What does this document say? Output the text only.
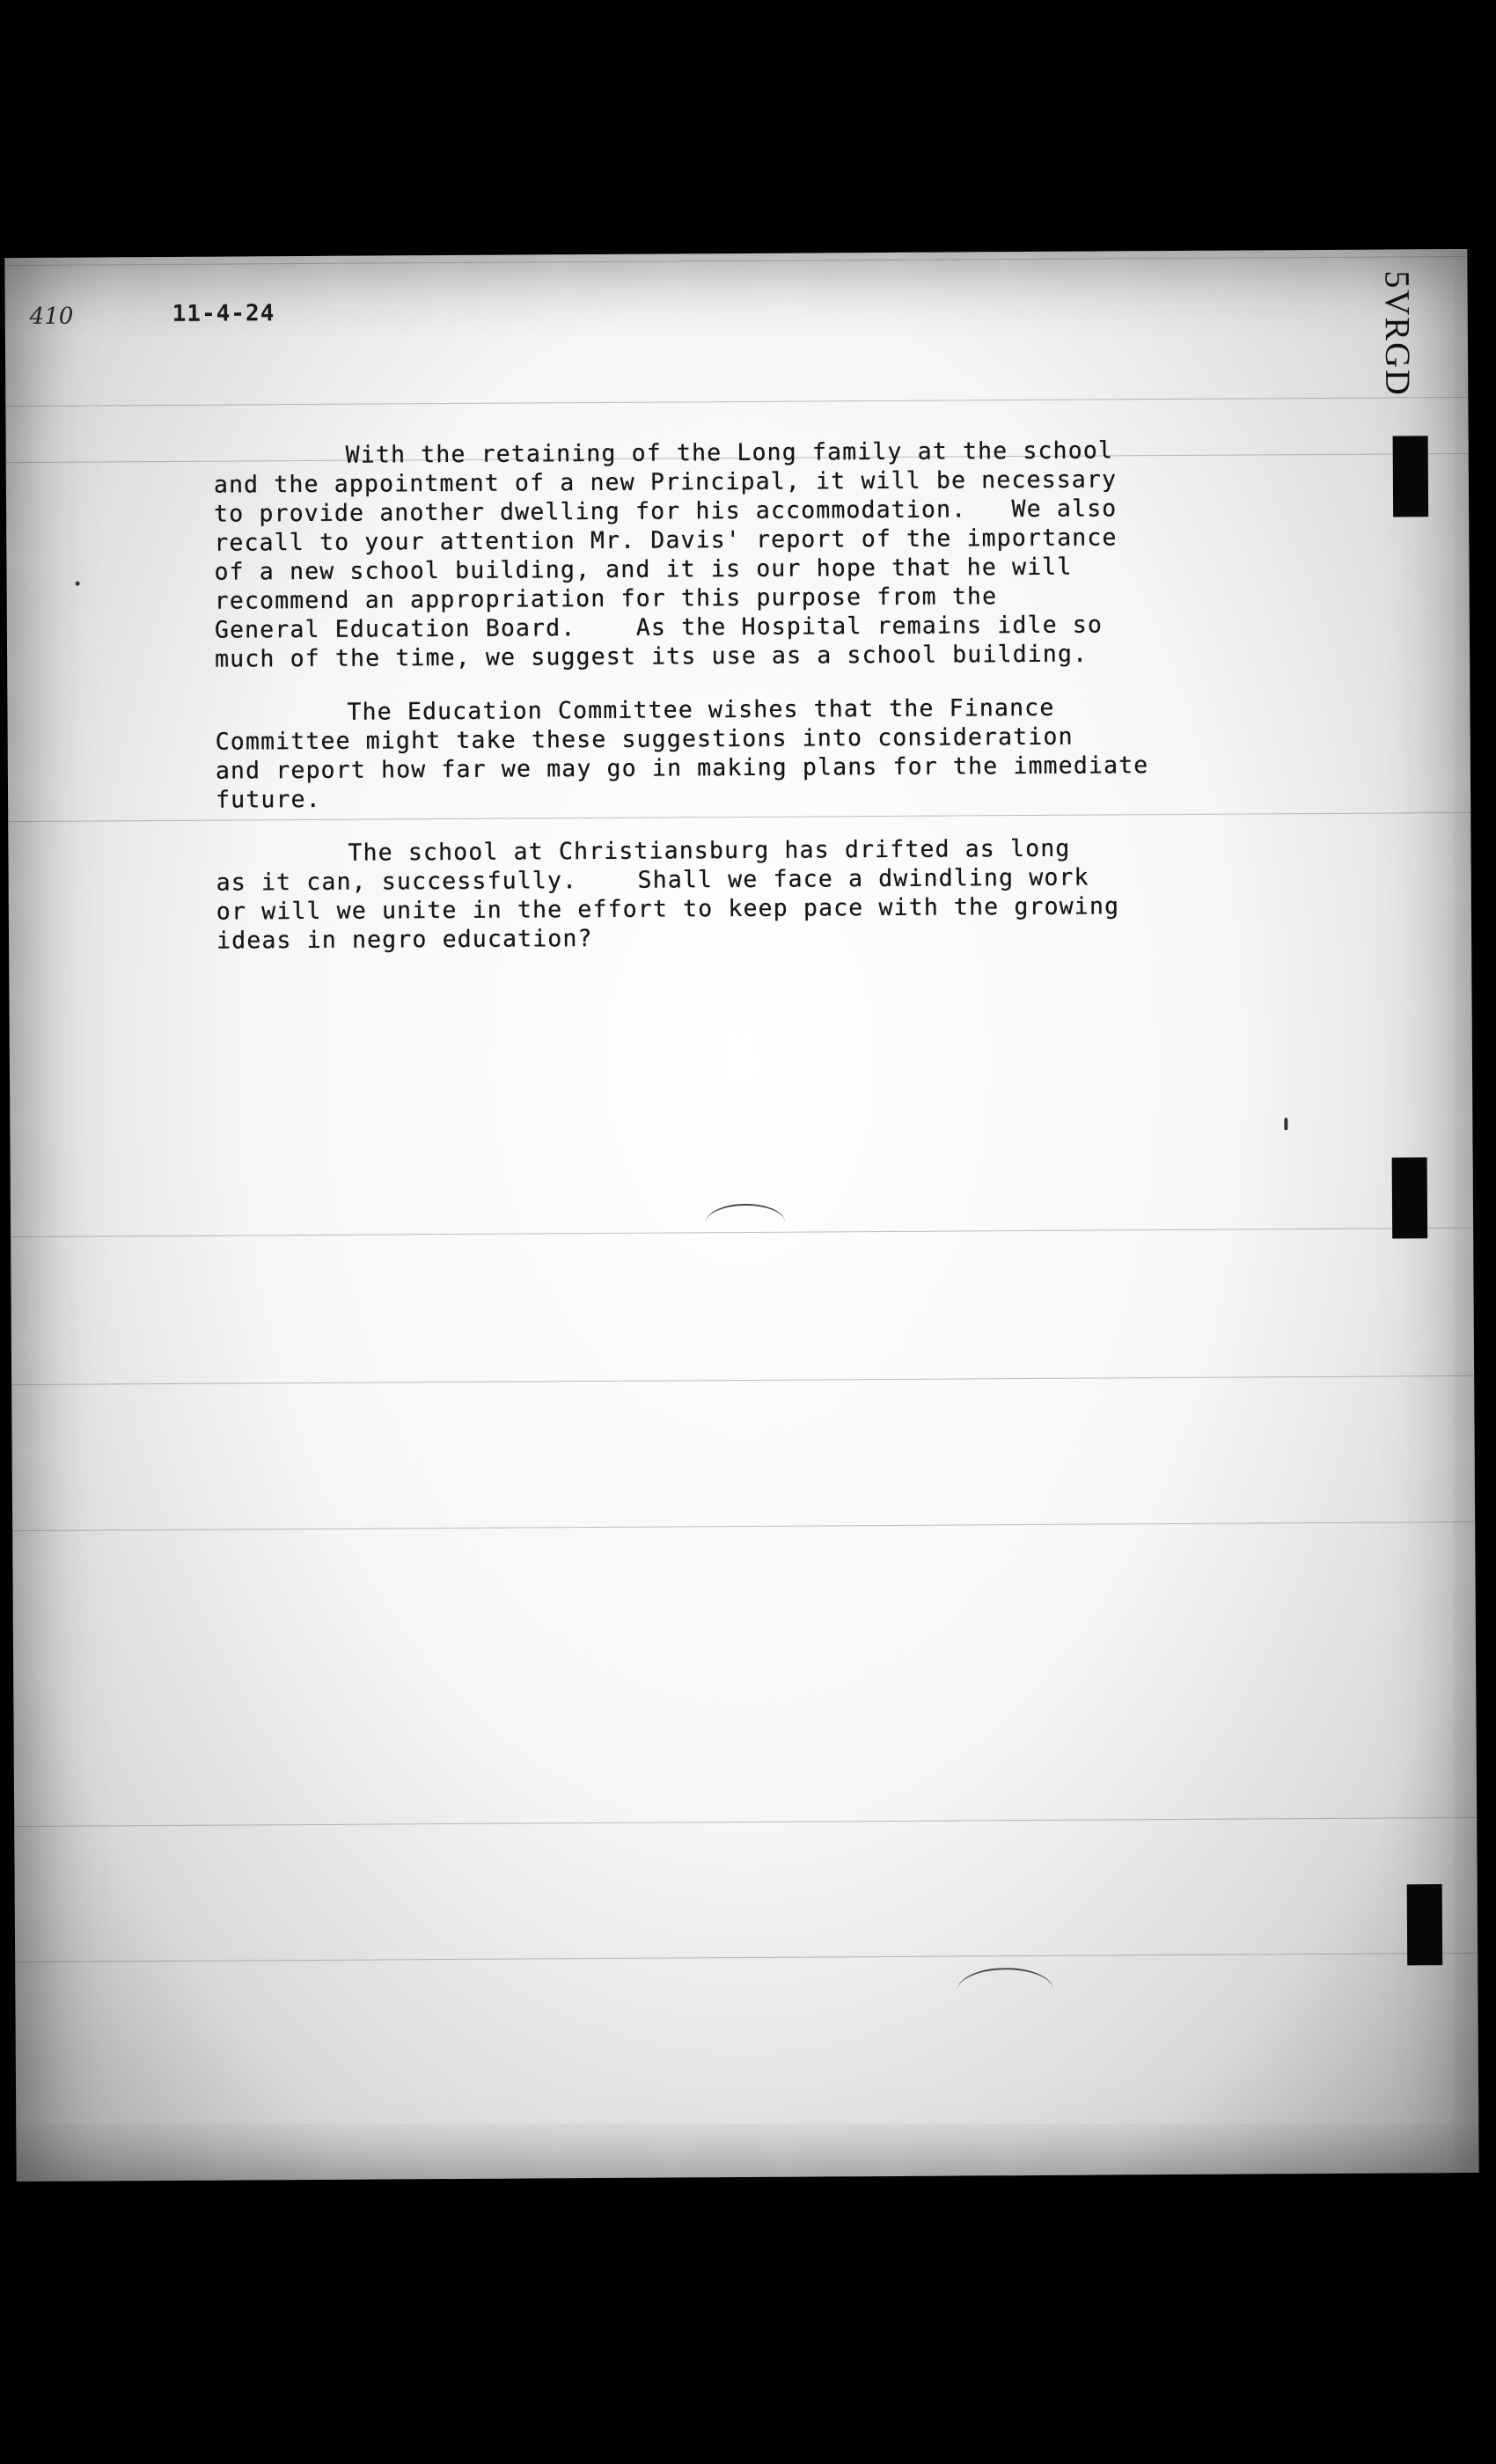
410	11-4-24	5VRGD
With the retaining of the Long family at the school
and the appointment of a new Principal, it will be necessary
to provide another dwelling for his accommodation.   We also
recall to your attention Mr. Davis' report of the importance
of a new school building, and it is our hope that he will
recommend an appropriation for this purpose from the
General Education Board.    As the Hospital remains idle so
much of the time, we suggest its use as a school building.
The Education Committee wishes that the Finance
Committee might take these suggestions into consideration
and report how far we may go in making plans for the immediate
future.
The school at Christiansburg has drifted as long
as it can, successfully.    Shall we face a dwindling work
or will we unite in the effort to keep pace with the growing
ideas in negro education?
